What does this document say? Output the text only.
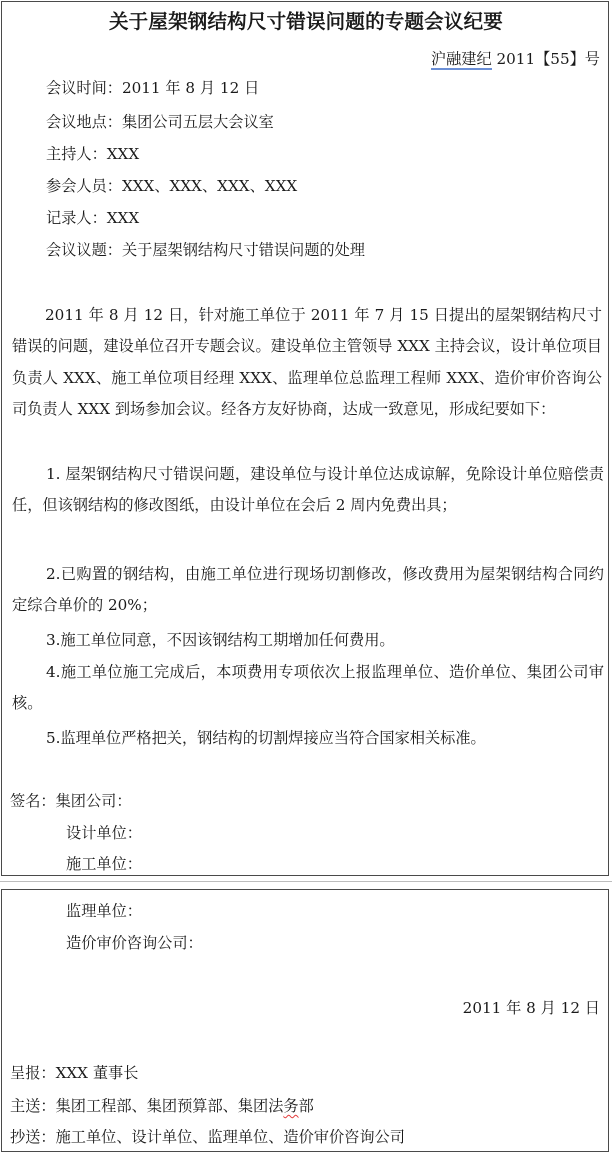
关于屋架钢结构尺寸错误问题的专题会议纪要
沪融建纪 2011【55】号
会议时间：2011 年 8 月 12 日
会议地点：集团公司五层大会议室
主持人：XXX
参会人员：XXX、XXX、XXX、XXX
记录人：XXX
会议议题：关于屋架钢结构尺寸错误问题的处理
2011 年 8 月 12 日，针对施工单位于 2011 年 7 月 15 日提出的屋架钢结构尺寸错误的问题，建设单位召开专题会议。建设单位主管领导 XXX 主持会议，设计单位项目负责人 XXX、施工单位项目经理 XXX、监理单位总监理工程师 XXX、造价审价咨询公司负责人 XXX 到场参加会议。经各方友好协商，达成一致意见，形成纪要如下：
1. 屋架钢结构尺寸错误问题，建设单位与设计单位达成谅解，免除设计单位赔偿责任，但该钢结构的修改图纸，由设计单位在会后 2 周内免费出具；
2.已购置的钢结构，由施工单位进行现场切割修改，修改费用为屋架钢结构合同约定综合单价的 20%；
3.施工单位同意，不因该钢结构工期增加任何费用。
4.施工单位施工完成后，本项费用专项依次上报监理单位、造价单位、集团公司审核。
5.监理单位严格把关，钢结构的切割焊接应当符合国家相关标准。
签名：集团公司：
设计单位：
施工单位：
监理单位：
造价审价咨询公司：
2011 年 8 月 12 日
呈报：XXX 董事长
主送：集团工程部、集团预算部、集团法务部
抄送：施工单位、设计单位、监理单位、造价审价咨询公司
